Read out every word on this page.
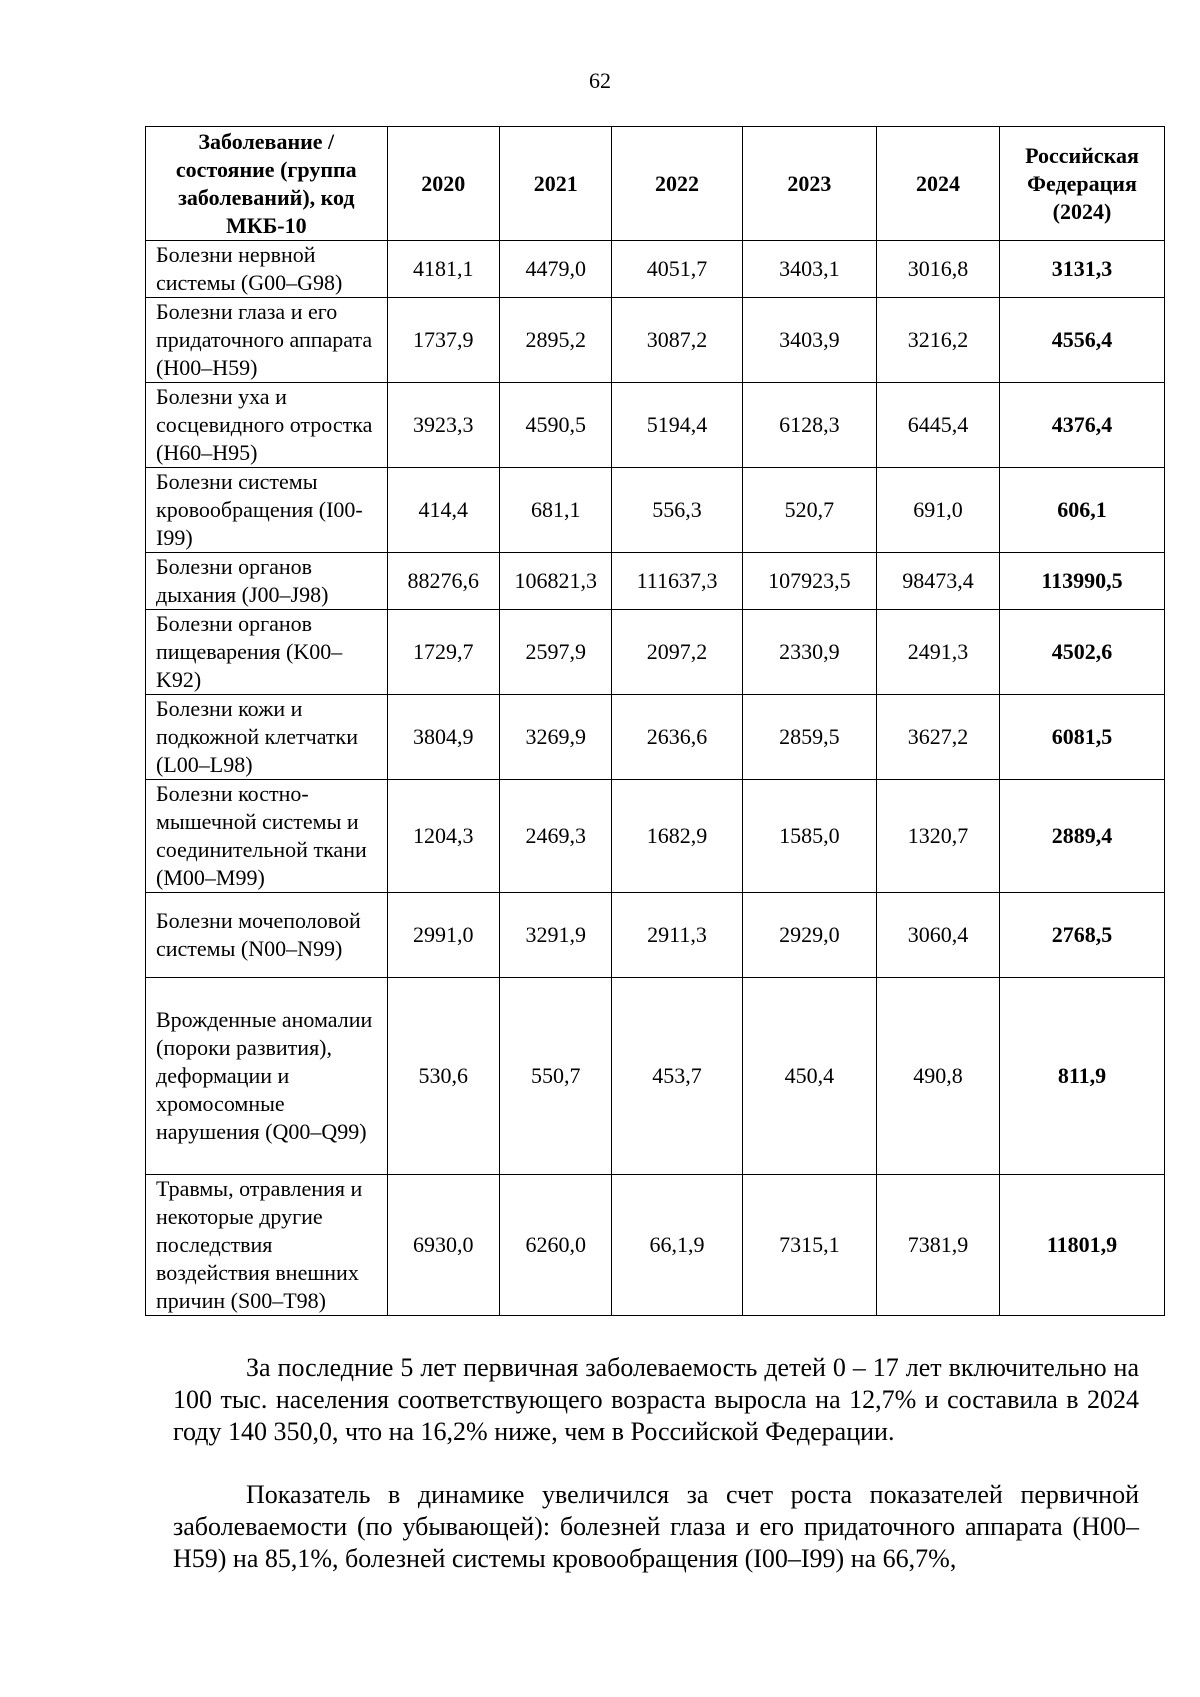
62
Заболевание / состояние (группа заболеваний), код МКБ-10	2020	2021	2022	2023	2024	Российская Федерация (2024)
Болезни нервной системы (G00–G98)	4181,1	4479,0	4051,7	3403,1	3016,8	3131,3
Болезни глаза и его придаточного аппарата (H00–H59)	1737,9	2895,2	3087,2	3403,9	3216,2	4556,4
Болезни уха и сосцевидного отростка (H60–H95)	3923,3	4590,5	5194,4	6128,3	6445,4	4376,4
Болезни системы кровообращения (I00-I99)	414,4	681,1	556,3	520,7	691,0	606,1
Болезни органов дыхания (J00–J98)	88276,6	106821,3	111637,3	107923,5	98473,4	113990,5
Болезни органов пищеварения (K00–K92)	1729,7	2597,9	2097,2	2330,9	2491,3	4502,6
Болезни кожи и подкожной клетчатки (L00–L98)	3804,9	3269,9	2636,6	2859,5	3627,2	6081,5
Болезни костно-мышечной системы и соединительной ткани (M00–M99)	1204,3	2469,3	1682,9	1585,0	1320,7	2889,4
Болезни мочеполовой системы (N00–N99)	2991,0	3291,9	2911,3	2929,0	3060,4	2768,5
Врожденные аномалии (пороки развития), деформации и хромосомные нарушения (Q00–Q99)	530,6	550,7	453,7	450,4	490,8	811,9
Травмы, отравления и некоторые другие последствия воздействия внешних причин (S00–T98)	6930,0	6260,0	66,1,9	7315,1	7381,9	11801,9

За последние 5 лет первичная заболеваемость детей 0 – 17 лет включительно на 100 тыс. населения соответствующего возраста выросла на 12,7% и составила в 2024 году 140 350,0, что на 16,2% ниже, чем в Российской Федерации.

Показатель в динамике увеличился за счет роста показателей первичной заболеваемости (по убывающей): болезней глаза и его придаточного аппарата (H00–H59) на 85,1%, болезней системы кровообращения (I00–I99) на 66,7%,
